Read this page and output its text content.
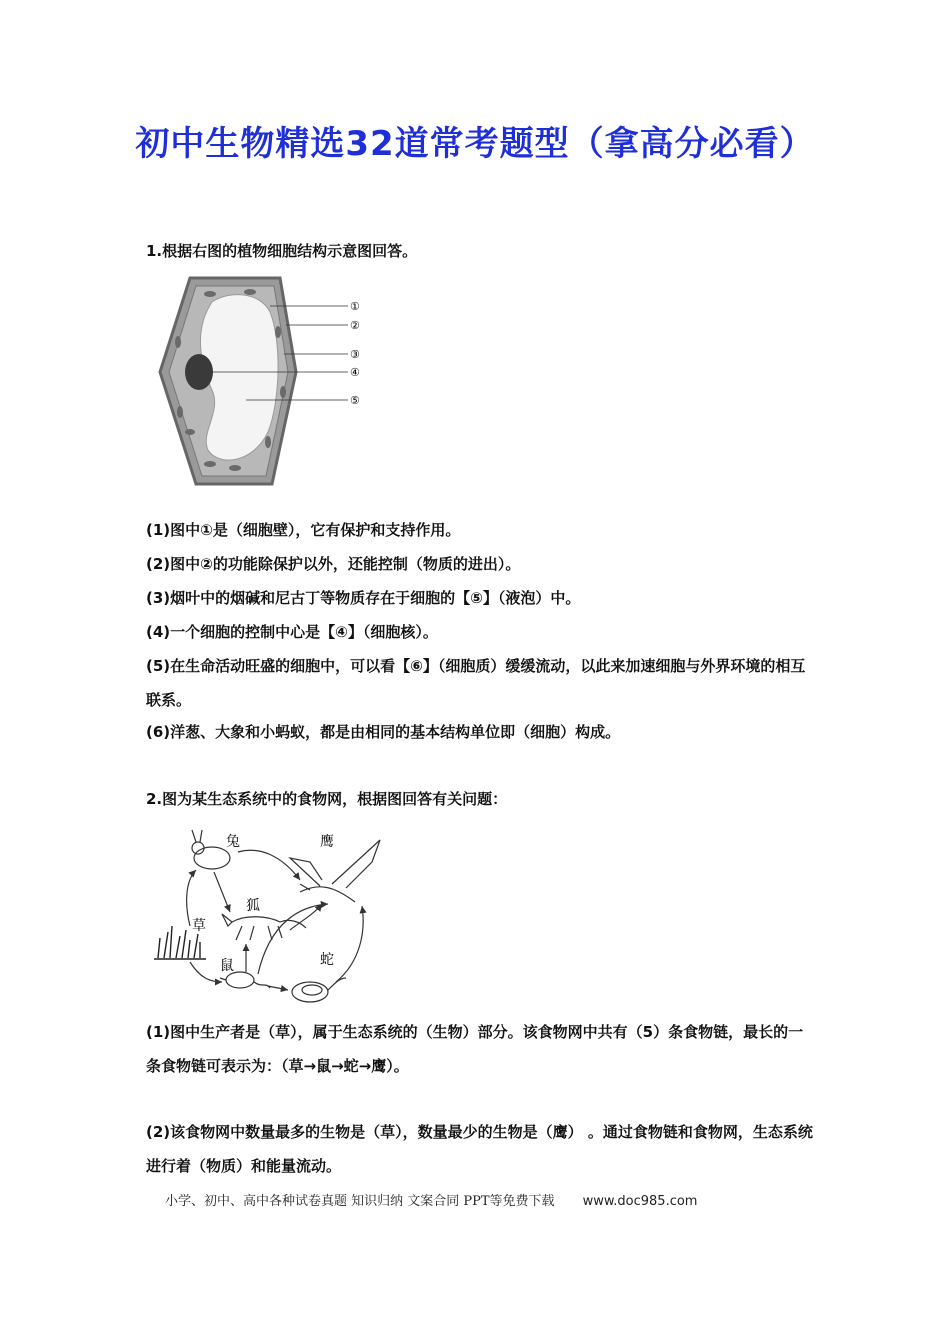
初中生物精选32道常考题型（拿高分必看）
1.根据右图的植物细胞结构示意图回答。
①
②
③
④
⑤
(1)图中①是（细胞壁），它有保护和支持作用。
(2)图中②的功能除保护以外，还能控制（物质的进出）。
(3)烟叶中的烟碱和尼古丁等物质存在于细胞的【⑤】（液泡）中。
(4)一个细胞的控制中心是【④】（细胞核）。
(5)在生命活动旺盛的细胞中，可以看【⑥】（细胞质）缓缓流动，以此来加速细胞与外界环境的相互联系。
(6)洋葱、大象和小蚂蚁，都是由相同的基本结构单位即（细胞）构成。
2.图为某生态系统中的食物网，根据图回答有关问题：
兔	鹰
狐
草
鼠	蛇
(1)图中生产者是（草），属于生态系统的（生物）部分。该食物网中共有（5）条食物链，最长的一条食物链可表示为：（草→鼠→蛇→鹰）。
(2)该食物网中数量最多的生物是（草），数量最少的生物是（鹰） 。通过食物链和食物网，生态系统进行着（物质）和能量流动。
小学、初中、高中各种试卷真题 知识归纳 文案合同 PPT等免费下载 www.doc985.com
